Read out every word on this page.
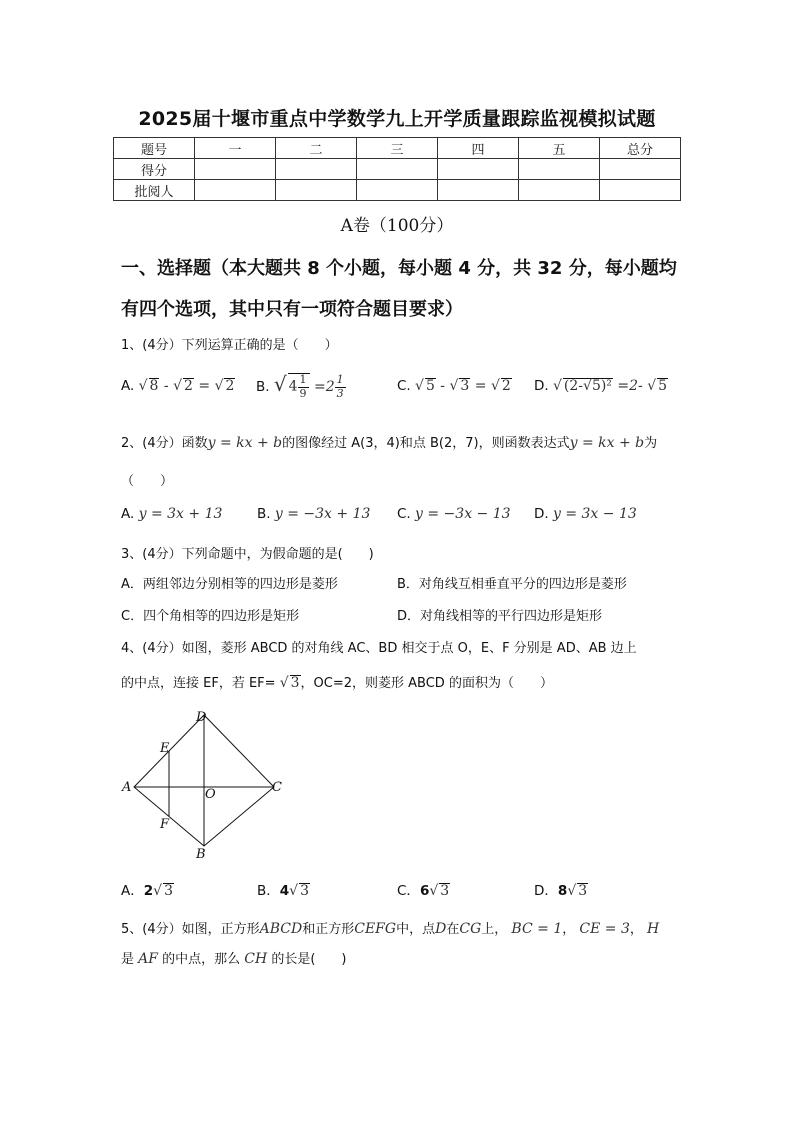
2025届十堰市重点中学数学九上开学质量跟踪监视模拟试题
题号	一	二	三	四	五	总分
得分						
批阅人						
A卷（100分）
一、选择题（本大题共 8 个小题，每小题 4 分，共 32 分，每小题均
有四个选项，其中只有一项符合题目要求）
1、(4分）下列运算正确的是（　　）
A. √ 8 - √ 2 = √ 2 B. √ $4 \frac{1}{9} =2 \frac{1}{3}$	C. √ 5 - √ 3 = √ 2 D. √ (2-√5)² =2- √ 5
2、(4分）函数y = kx + b的图像经过 A(3，4)和点 B(2，7)，则函数表达式y = kx + b为
（　　）
A. y = 3x + 13	B. y = −3x + 13 C. y = −3x − 13 D. y = 3x − 13
3、(4分）下列命题中，为假命题的是(　　)
A．两组邻边分别相等的四边形是菱形	B．对角线互相垂直平分的四边形是菱形
C．四个角相等的四边形是矩形	D．对角线相等的平行四边形是矩形
4、(4分）如图，菱形 ABCD 的对角线 AC、BD 相交于点 O，E、F 分别是 AD、AB 边上
的中点，连接 EF，若 EF= √ 3，OC=2，则菱形 ABCD 的面积为（　　）
D
E
A	O	C
F
B
A．2√ 3	B．4√ 3	C．6√ 3	D．8√ 3
5、(4分）如图，正方形ABCD和正方形CEFG中，点D在CG上， BC = 1， CE = 3， H
是 AF 的中点，那么 CH 的长是(　　)
